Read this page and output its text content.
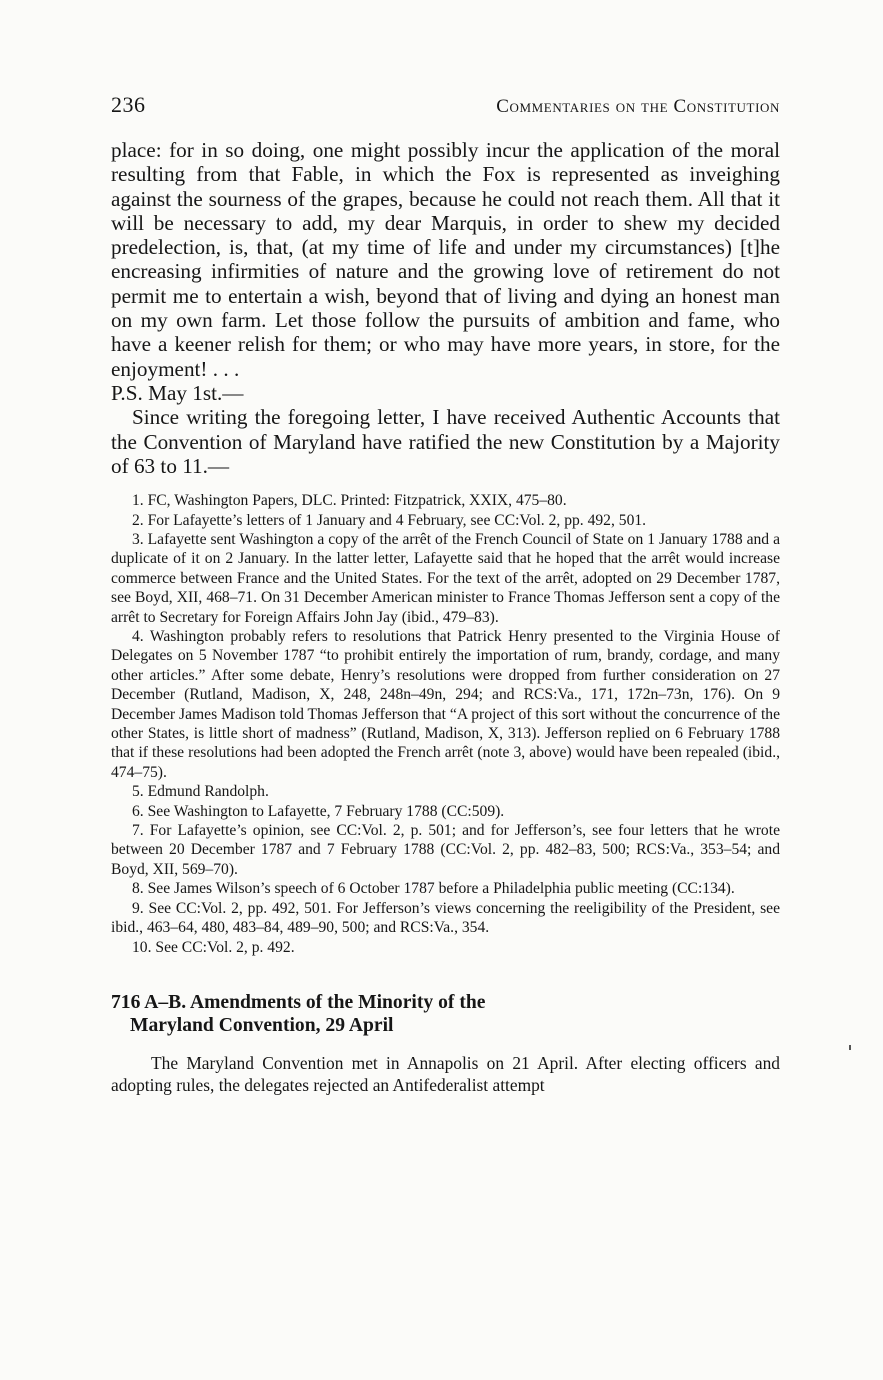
236	Commentaries on the Constitution

place: for in so doing, one might possibly incur the application of the moral resulting from that Fable, in which the Fox is represented as inveighing against the sourness of the grapes, because he could not reach them. All that it will be necessary to add, my dear Marquis, in order to shew my decided predelection, is, that, (at my time of life and under my circumstances) [t]he encreasing infirmities of nature and the growing love of retirement do not permit me to entertain a wish, beyond that of living and dying an honest man on my own farm. Let those follow the pursuits of ambition and fame, who have a keener relish for them; or who may have more years, in store, for the enjoyment! . . .

P.S. May 1st.—

Since writing the foregoing letter, I have received Authentic Accounts that the Convention of Maryland have ratified the new Constitution by a Majority of 63 to 11.—

1. FC, Washington Papers, DLC. Printed: Fitzpatrick, XXIX, 475–80.

2. For Lafayette’s letters of 1 January and 4 February, see CC:Vol. 2, pp. 492, 501.

3. Lafayette sent Washington a copy of the arrêt of the French Council of State on 1 January 1788 and a duplicate of it on 2 January. In the latter letter, Lafayette said that he hoped that the arrêt would increase commerce between France and the United States. For the text of the arrêt, adopted on 29 December 1787, see Boyd, XII, 468–71. On 31 December American minister to France Thomas Jefferson sent a copy of the arrêt to Secretary for Foreign Affairs John Jay (ibid., 479–83).

4. Washington probably refers to resolutions that Patrick Henry presented to the Virginia House of Delegates on 5 November 1787 “to prohibit entirely the importation of rum, brandy, cordage, and many other articles.” After some debate, Henry’s resolutions were dropped from further consideration on 27 December (Rutland, Madison, X, 248, 248n–49n, 294; and RCS:Va., 171, 172n–73n, 176). On 9 December James Madison told Thomas Jefferson that “A project of this sort without the concurrence of the other States, is little short of madness” (Rutland, Madison, X, 313). Jefferson replied on 6 February 1788 that if these resolutions had been adopted the French arrêt (note 3, above) would have been repealed (ibid., 474–75).

5. Edmund Randolph.

6. See Washington to Lafayette, 7 February 1788 (CC:509).

7. For Lafayette’s opinion, see CC:Vol. 2, p. 501; and for Jefferson’s, see four letters that he wrote between 20 December 1787 and 7 February 1788 (CC:Vol. 2, pp. 482–83, 500; RCS:Va., 353–54; and Boyd, XII, 569–70).

8. See James Wilson’s speech of 6 October 1787 before a Philadelphia public meeting (CC:134).

9. See CC:Vol. 2, pp. 492, 501. For Jefferson’s views concerning the reeligibility of the President, see ibid., 463–64, 480, 483–84, 489–90, 500; and RCS:Va., 354.

10. See CC:Vol. 2, p. 492.

716 A–B. Amendments of the Minority of the
Maryland Convention, 29 April

The Maryland Convention met in Annapolis on 21 April. After electing officers and adopting rules, the delegates rejected an Antifederalist attempt
